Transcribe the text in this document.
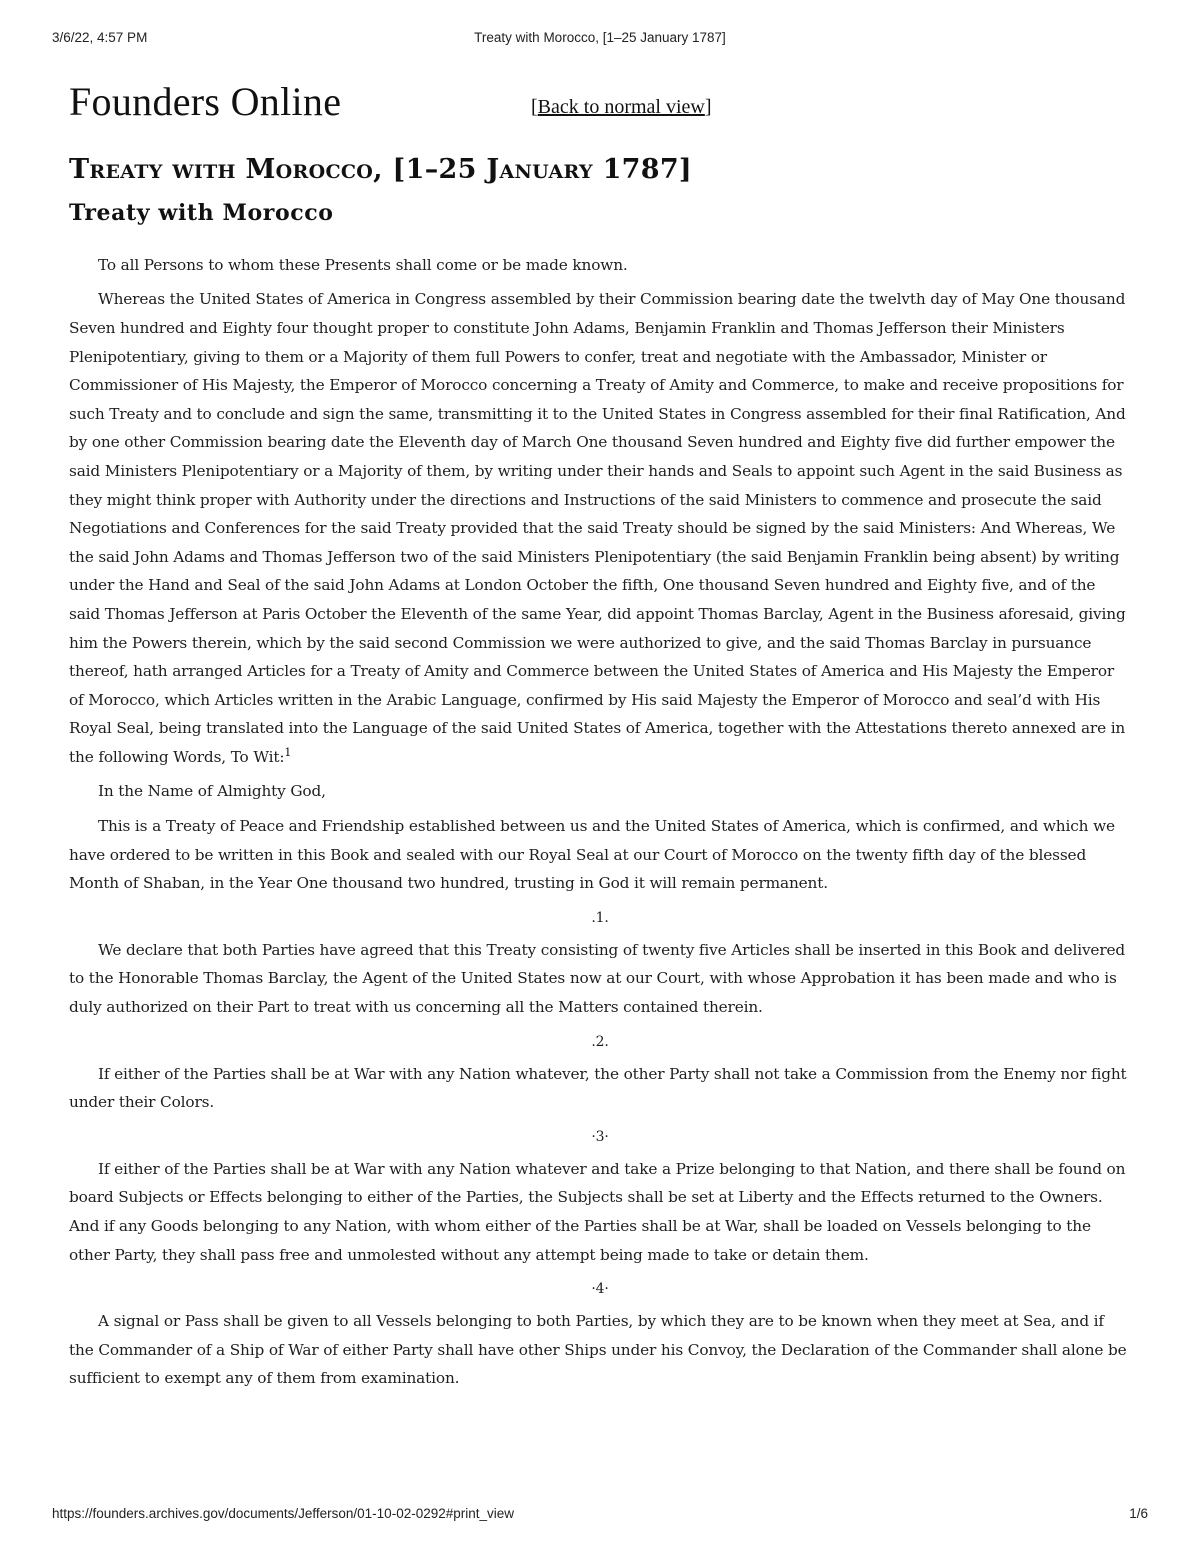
3/6/22, 4:57 PM	Treaty with Morocco, [1–25 January 1787]
Founders Online	[Back to normal view]
Treaty with Morocco, [1–25 January 1787]
Treaty with Morocco

To all Persons to whom these Presents shall come or be made known.

Whereas the United States of America in Congress assembled by their Commission bearing date the twelvth day of May One thousand Seven hundred and Eighty four thought proper to constitute John Adams, Benjamin Franklin and Thomas Jefferson their Ministers Plenipotentiary, giving to them or a Majority of them full Powers to confer, treat and negotiate with the Ambassador, Minister or Commissioner of His Majesty, the Emperor of Morocco concerning a Treaty of Amity and Commerce, to make and receive propositions for such Treaty and to conclude and sign the same, transmitting it to the United States in Congress assembled for their final Ratification, And by one other Commission bearing date the Eleventh day of March One thousand Seven hundred and Eighty five did further empower the said Ministers Plenipotentiary or a Majority of them, by writing under their hands and Seals to appoint such Agent in the said Business as they might think proper with Authority under the directions and Instructions of the said Ministers to commence and prosecute the said Negotiations and Conferences for the said Treaty provided that the said Treaty should be signed by the said Ministers: And Whereas, We the said John Adams and Thomas Jefferson two of the said Ministers Plenipotentiary (the said Benjamin Franklin being absent) by writing under the Hand and Seal of the said John Adams at London October the fifth, One thousand Seven hundred and Eighty five, and of the said Thomas Jefferson at Paris October the Eleventh of the same Year, did appoint Thomas Barclay, Agent in the Business aforesaid, giving him the Powers therein, which by the said second Commission we were authorized to give, and the said Thomas Barclay in pursuance thereof, hath arranged Articles for a Treaty of Amity and Commerce between the United States of America and His Majesty the Emperor of Morocco, which Articles written in the Arabic Language, confirmed by His said Majesty the Emperor of Morocco and seal’d with His Royal Seal, being translated into the Language of the said United States of America, together with the Attestations thereto annexed are in the following Words, To Wit:$^1$

In the Name of Almighty God,

This is a Treaty of Peace and Friendship established between us and the United States of America, which is confirmed, and which we have ordered to be written in this Book and sealed with our Royal Seal at our Court of Morocco on the twenty fifth day of the blessed Month of Shaban, in the Year One thousand two hundred, trusting in God it will remain permanent.

.1.

We declare that both Parties have agreed that this Treaty consisting of twenty five Articles shall be inserted in this Book and delivered to the Honorable Thomas Barclay, the Agent of the United States now at our Court, with whose Approbation it has been made and who is duly authorized on their Part to treat with us concerning all the Matters contained therein.

.2.

If either of the Parties shall be at War with any Nation whatever, the other Party shall not take a Commission from the Enemy nor fight under their Colors.

·3·

If either of the Parties shall be at War with any Nation whatever and take a Prize belonging to that Nation, and there shall be found on board Subjects or Effects belonging to either of the Parties, the Subjects shall be set at Liberty and the Effects returned to the Owners. And if any Goods belonging to any Nation, with whom either of the Parties shall be at War, shall be loaded on Vessels belonging to the other Party, they shall pass free and unmolested without any attempt being made to take or detain them.

·4·

A signal or Pass shall be given to all Vessels belonging to both Parties, by which they are to be known when they meet at Sea, and if the Commander of a Ship of War of either Party shall have other Ships under his Convoy, the Declaration of the Commander shall alone be sufficient to exempt any of them from examination.

https://founders.archives.gov/documents/Jefferson/01-10-02-0292#print_view	1/6
